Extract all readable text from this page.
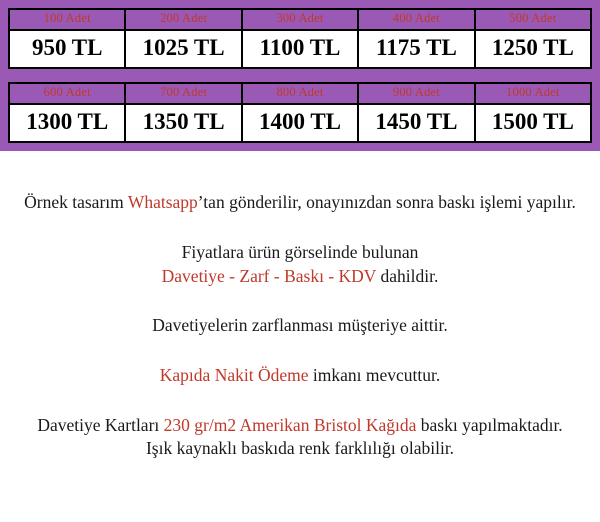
100 Adet
950 TL
200 Adet
1025 TL
300 Adet
1100 TL
400 Adet
1175 TL
500 Adet
1250 TL
600 Adet
1300 TL
700 Adet
1350 TL
800 Adet
1400 TL
900 Adet
1450 TL
1000 Adet
1500 TL

Örnek tasarım Whatsapp’tan gönderilir, onayınızdan sonra baskı işlemi yapılır.

Fiyatlara ürün görselinde bulunan
Davetiye - Zarf - Baskı - KDV dahildir.

Davetiyelerin zarflanması müşteriye aittir.

Kapıda Nakit Ödeme imkanı mevcuttur.

Davetiye Kartları 230 gr/m2 Amerikan Bristol Kağıda baskı yapılmaktadır.
Işık kaynaklı baskıda renk farklılığı olabilir.
